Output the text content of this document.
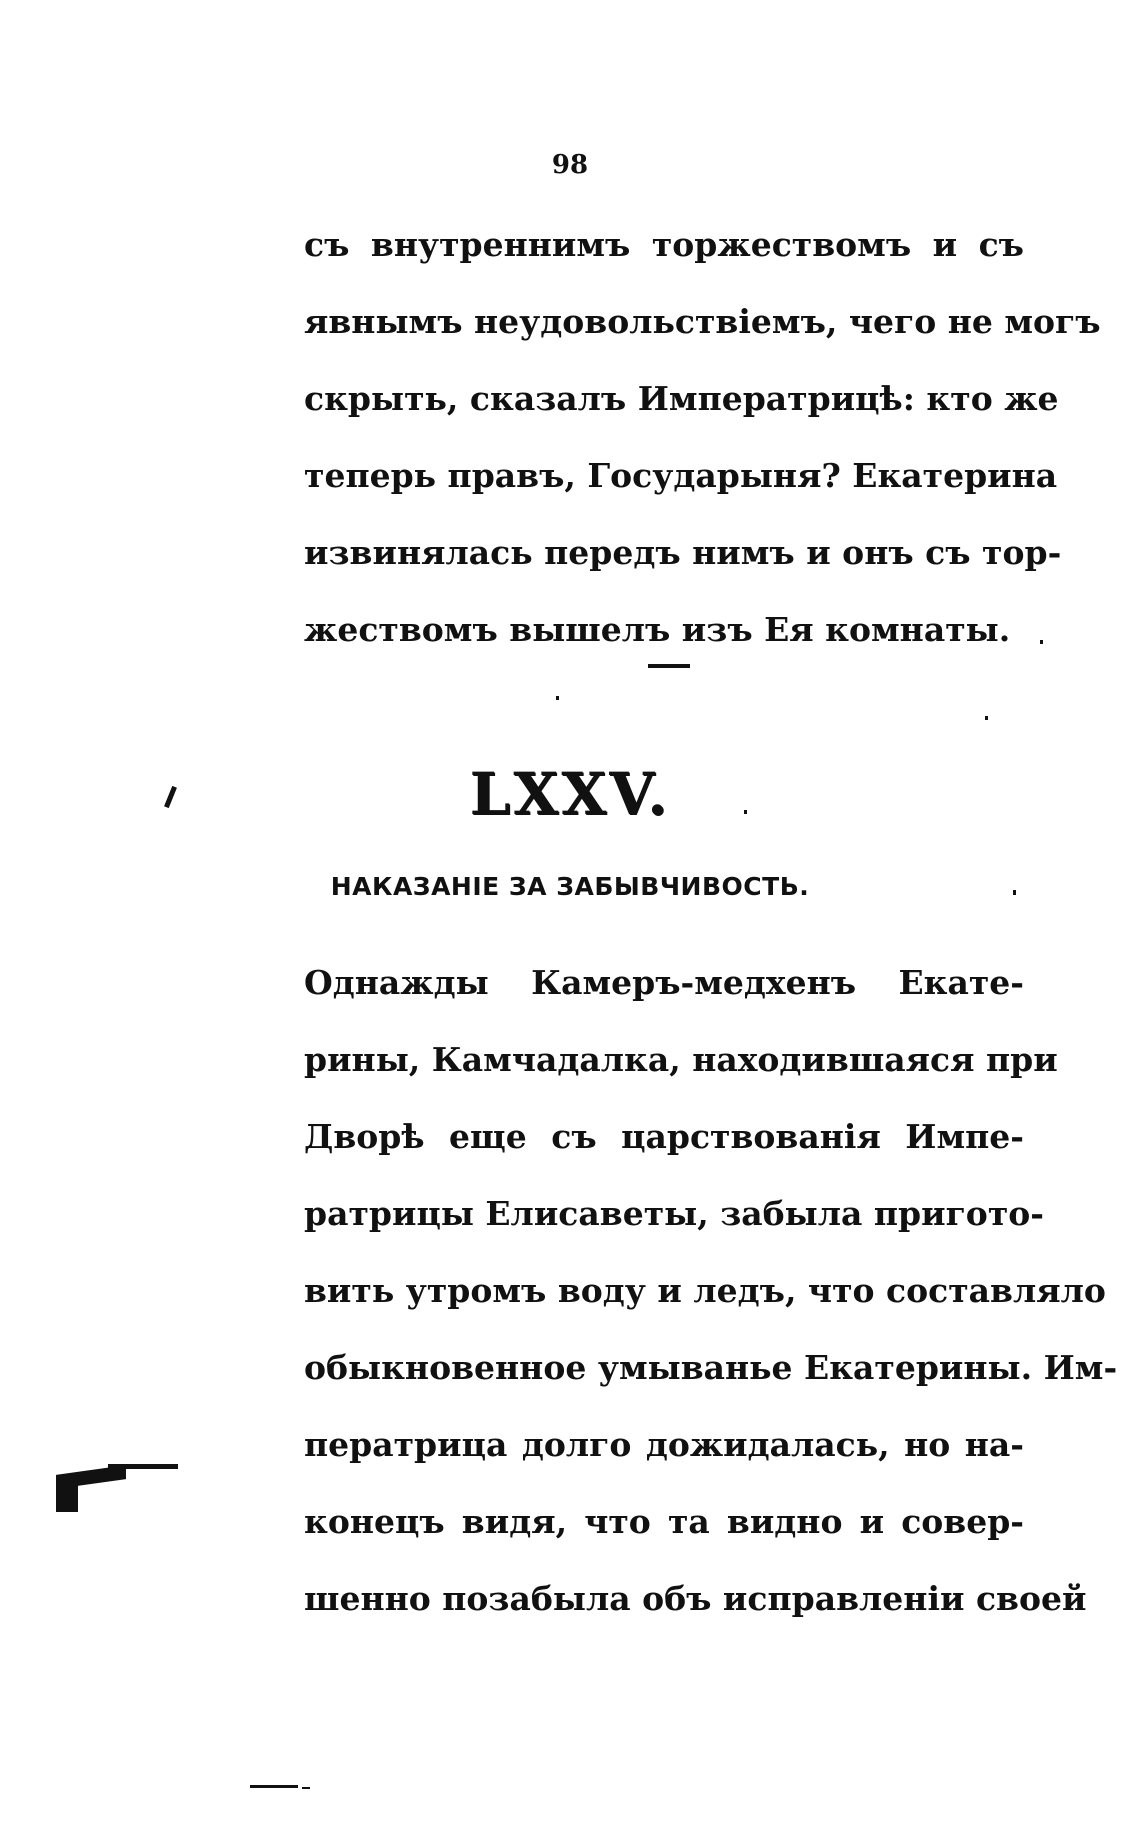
98
съ внутреннимъ торжествомъ и съ
явнымъ неудовольствіемъ, чего не могъ
скрыть, сказалъ Императрицѣ: кто же
теперь правъ, Государыня? Екатерина
извинялась передъ нимъ и онъ съ тор-
жествомъ вышелъ изъ Ея комнаты.
LXXV.
НАКАЗАНІЕ ЗА ЗАБЫВЧИВОСТЬ.
Однажды Камеръ-медхенъ Екате-
рины, Камчадалка, находившаяся при
Дворѣ еще съ царствованія Импе-
ратрицы Елисаветы, забыла пригото-
вить утромъ воду и ледъ, что составляло
обыкновенное умыванье Екатерины. Им-
ператрица долго дожидалась, но на-
конецъ видя, что та видно и совер-
шенно позабыла объ исправленіи своей
